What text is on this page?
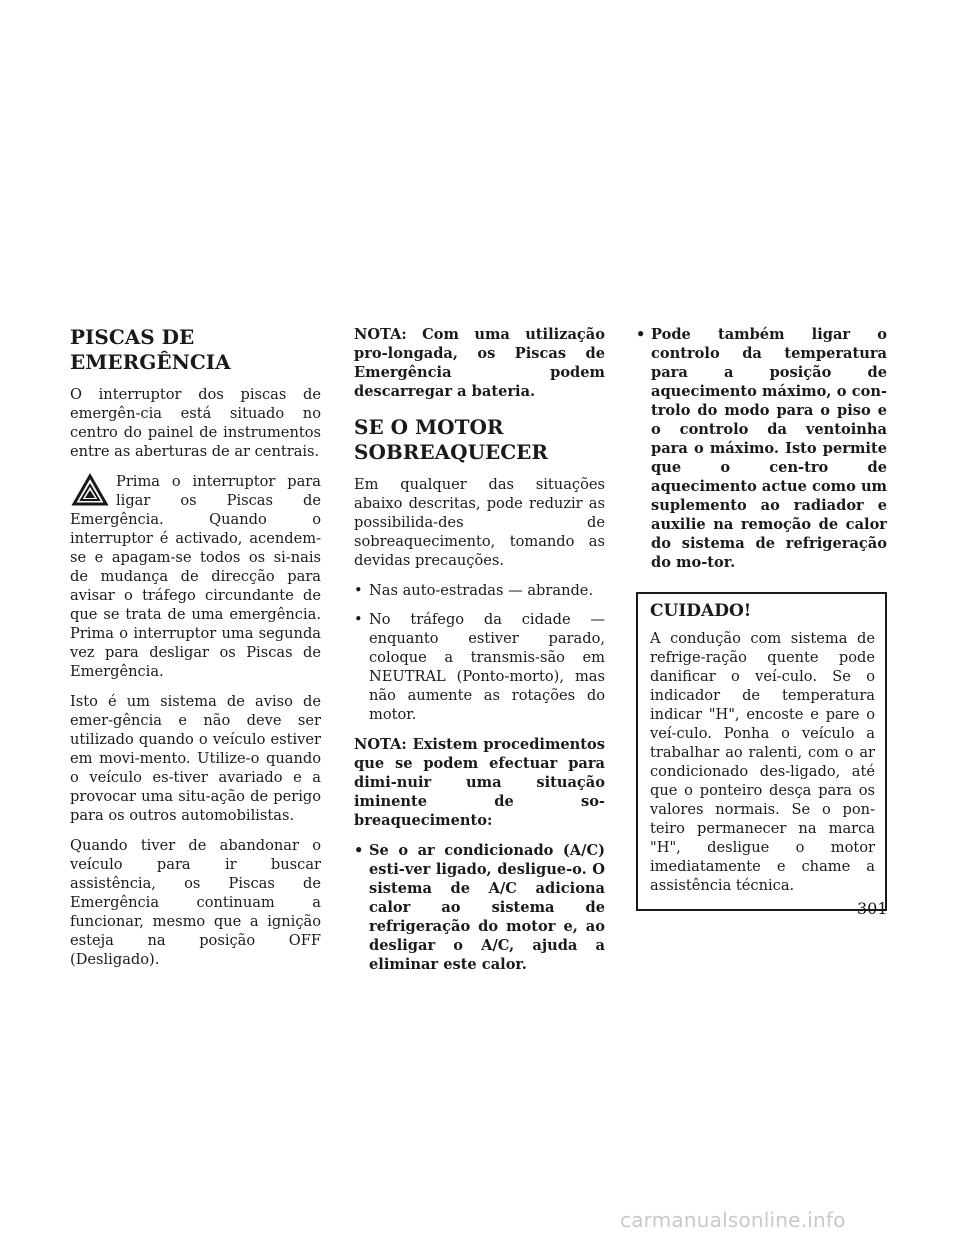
PISCAS DE EMERGÊNCIA

O interruptor dos piscas de emergên-cia está situado no centro do painel de instrumentos entre as aberturas de ar centrais.

Prima o interruptor para ligar os Piscas de Emergência. Quando o interruptor é activado, acendem-se e apagam-se todos os si-nais de mudança de direcção para avisar o tráfego circundante de que se trata de uma emergência. Prima o interruptor uma segunda vez para desligar os Piscas de Emergência.

Isto é um sistema de aviso de emer-gência e não deve ser utilizado quando o veículo estiver em movi-mento. Utilize-o quando o veículo es-tiver avariado e a provocar uma situ-ação de perigo para os outros automobilistas.

Quando tiver de abandonar o veículo para ir buscar assistência, os Piscas de Emergência continuam a funcionar, mesmo que a ignição esteja na posição OFF (Desligado).

NOTA: Com uma utilização pro-longada, os Piscas de Emergência podem descarregar a bateria.

SE O MOTOR SOBREAQUECER

Em qualquer das situações abaixo descritas, pode reduzir as possibilida-des de sobreaquecimento, tomando as devidas precauções.

• Nas auto-estradas — abrande.
• No tráfego da cidade — enquanto estiver parado, coloque a transmis-são em NEUTRAL (Ponto-morto), mas não aumente as rotações do motor.

NOTA: Existem procedimentos que se podem efectuar para dimi-nuir uma situação iminente de so-breaquecimento:

• Se o ar condicionado (A/C) esti-ver ligado, desligue-o. O sistema de A/C adiciona calor ao sistema de refrigeração do motor e, ao desligar o A/C, ajuda a eliminar este calor.
• Pode também ligar o controlo da temperatura para a posição de aquecimento máximo, o con-trolo do modo para o piso e o controlo da ventoinha para o máximo. Isto permite que o cen-tro de aquecimento actue como um suplemento ao radiador e auxilie na remoção de calor do sistema de refrigeração do mo-tor.
CUIDADO!

A condução com sistema de refrige-ração quente pode danificar o veí-culo. Se o indicador de temperatura indicar "H", encoste e pare o veí-culo. Ponha o veículo a trabalhar ao ralenti, com o ar condicionado des-ligado, até que o ponteiro desça para os valores normais. Se o pon-teiro permanecer na marca "H", desligue o motor imediatamente e chame a assistência técnica.

301
carmanualsonline.info
